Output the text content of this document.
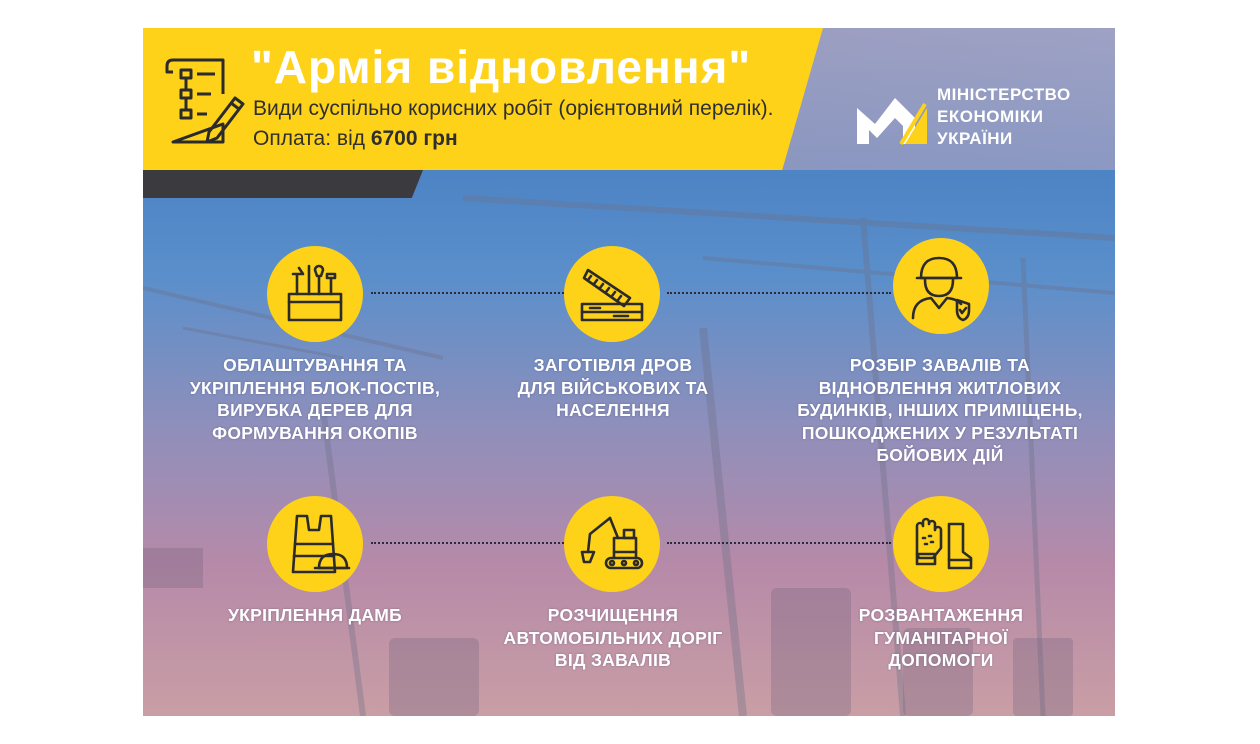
"Армія відновлення"
Види суспільно корисних робіт (орієнтовний перелік). Оплата: від 6700 грн
МІНІСТЕРСТВО
ЕКОНОМІКИ
УКРАЇНИ
ОБЛАШТУВАННЯ ТА УКРІПЛЕННЯ БЛОК-ПОСТІВ, ВИРУБКА ДЕРЕВ ДЛЯ ФОРМУВАННЯ ОКОПІВ
ЗАГОТІВЛЯ ДРОВ ДЛЯ ВІЙСЬКОВИХ ТА НАСЕЛЕННЯ
РОЗБІР ЗАВАЛІВ ТА ВІДНОВЛЕННЯ ЖИТЛОВИХ БУДИНКІВ, ІНШИХ ПРИМІЩЕНЬ, ПОШКОДЖЕНИХ У РЕЗУЛЬТАТІ БОЙОВИХ ДІЙ
УКРІПЛЕННЯ ДАМБ	РОЗЧИЩЕННЯ АВТОМОБІЛЬНИХ ДОРІГ ВІД ЗАВАЛІВ
РОЗВАНТАЖЕННЯ ГУМАНІТАРНОЇ ДОПОМОГИ
